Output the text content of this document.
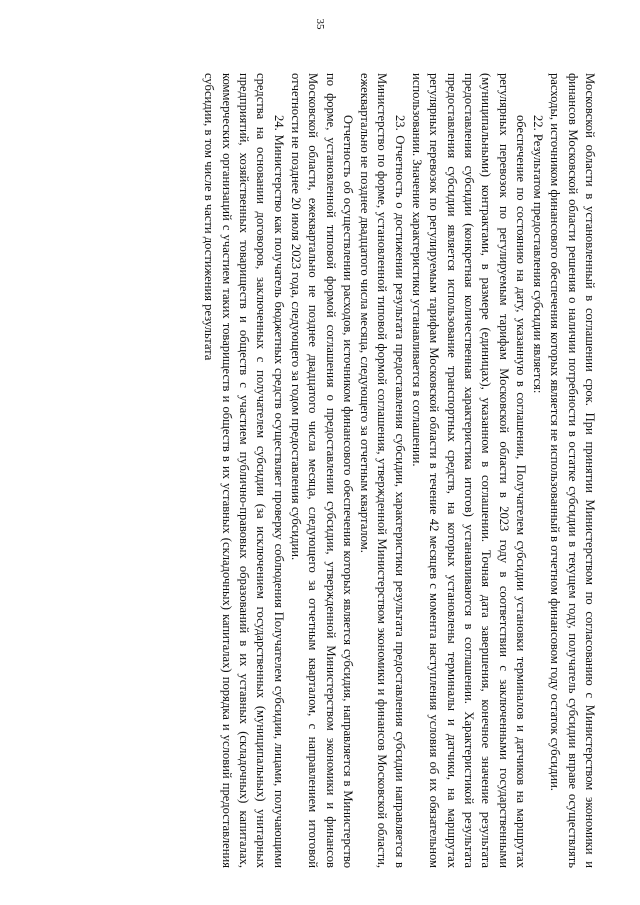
35

Московской области в установленный в соглашении срок. При принятии Министерством по согласованию с Министерством экономики и финансов Московской области решения о наличии потребности в остатке субсидии в текущем году, получатель субсидии вправе осуществлять расходы, источником финансового обеспечения которых является не использованный в отчетном финансовом году остаток субсидии.

22. Результатом предоставления субсидии является:

обеспечение по состоянию на дату, указанную в соглашении, Получателем субсидии установки терминалов и датчиков на маршрутах регулярных перевозок по регулируемым тарифам Московской области в 2023 году в соответствии с заключенными государственными (муниципальными) контрактами, в размере (единицах), указанном в соглашении. Точная дата завершения, конечное значение результата предоставления субсидии (конкретная количественная характеристика итогов) устанавливаются в соглашении. Характеристикой результата предоставления субсидии является использование транспортных средств, на которых установлены терминалы и датчики, на маршрутах регулярных перевозок по регулируемым тарифам Московской области в течение 42 месяцев с момента наступления условия об их обязательном использовании. Значение характеристики устанавливается в соглашении.

23. Отчетность о достижении результата предоставления субсидии, характеристики результата предоставления субсидии направляется в Министерство по форме, установленной типовой формой соглашения, утвержденной Министерством экономики и финансов Московской области, ежеквартально не позднее двадцатого числа месяца, следующего за отчетным кварталом.

Отчетность об осуществлении расходов, источником финансового обеспечения которых является субсидия, направляется в Министерство по форме, установленной типовой формой соглашения о предоставлении субсидии, утвержденной Министерством экономики и финансов Московской области, ежеквартально не позднее двадцатого числа месяца, следующего за отчетным кварталом, с направлением итоговой отчетности не позднее 20 июля 2023 года, следующего за годом предоставления субсидии.

24. Министерство как получатель бюджетных средств осуществляет проверку соблюдения Получателем субсидии, лицами, получающими средства на основании договоров, заключенных с получателем субсидии (за исключением государственных (муниципальных) унитарных предприятий, хозяйственных товариществ и обществ с участием публично-правовых образований в их уставных (складочных) капиталах, коммерческих организаций с участием таких товариществ и обществ в их уставных (складочных) капиталах) порядка и условий предоставления субсидии, в том числе в части достижения результата
